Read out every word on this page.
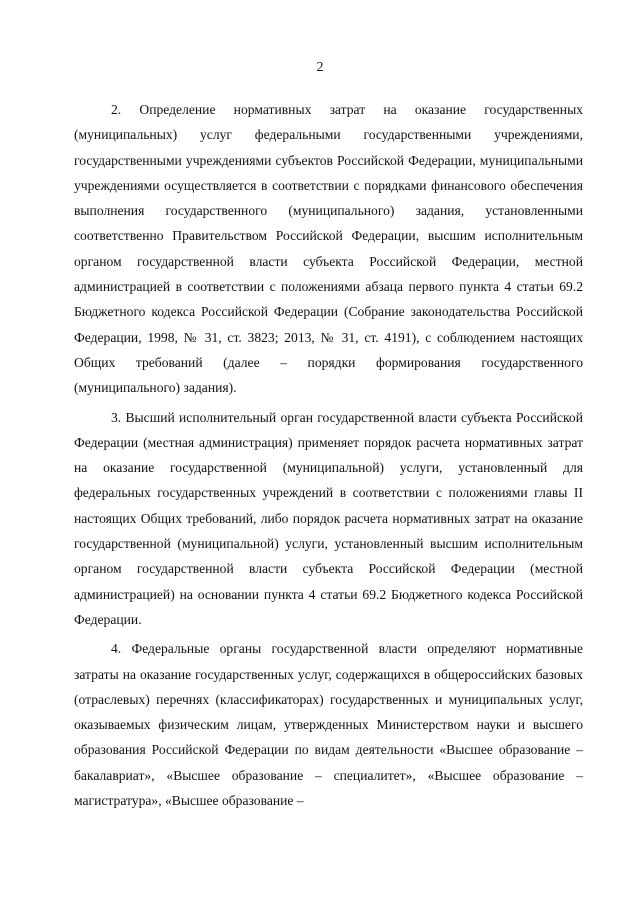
2

2. Определение нормативных затрат на оказание государственных (муниципальных) услуг федеральными государственными учреждениями, государственными учреждениями субъектов Российской Федерации, муниципальными учреждениями осуществляется в соответствии с порядками финансового обеспечения выполнения государственного (муниципального) задания, установленными соответственно Правительством Российской Федерации, высшим исполнительным органом государственной власти субъекта Российской Федерации, местной администрацией в соответствии с положениями абзаца первого пункта 4 статьи 69.2 Бюджетного кодекса Российской Федерации (Собрание законодательства Российской Федерации, 1998, № 31, ст. 3823; 2013, № 31, ст. 4191), с соблюдением настоящих Общих требований (далее – порядки формирования государственного (муниципального) задания).

3. Высший исполнительный орган государственной власти субъекта Российской Федерации (местная администрация) применяет порядок расчета нормативных затрат на оказание государственной (муниципальной) услуги, установленный для федеральных государственных учреждений в соответствии с положениями главы II настоящих Общих требований, либо порядок расчета нормативных затрат на оказание государственной (муниципальной) услуги, установленный высшим исполнительным органом государственной власти субъекта Российской Федерации (местной администрацией) на основании пункта 4 статьи 69.2 Бюджетного кодекса Российской Федерации.

4. Федеральные органы государственной власти определяют нормативные затраты на оказание государственных услуг, содержащихся в общероссийских базовых (отраслевых) перечнях (классификаторах) государственных и муниципальных услуг, оказываемых физическим лицам, утвержденных Министерством науки и высшего образования Российской Федерации по видам деятельности «Высшее образование – бакалавриат», «Высшее образование – специалитет», «Высшее образование – магистратура», «Высшее образование –
